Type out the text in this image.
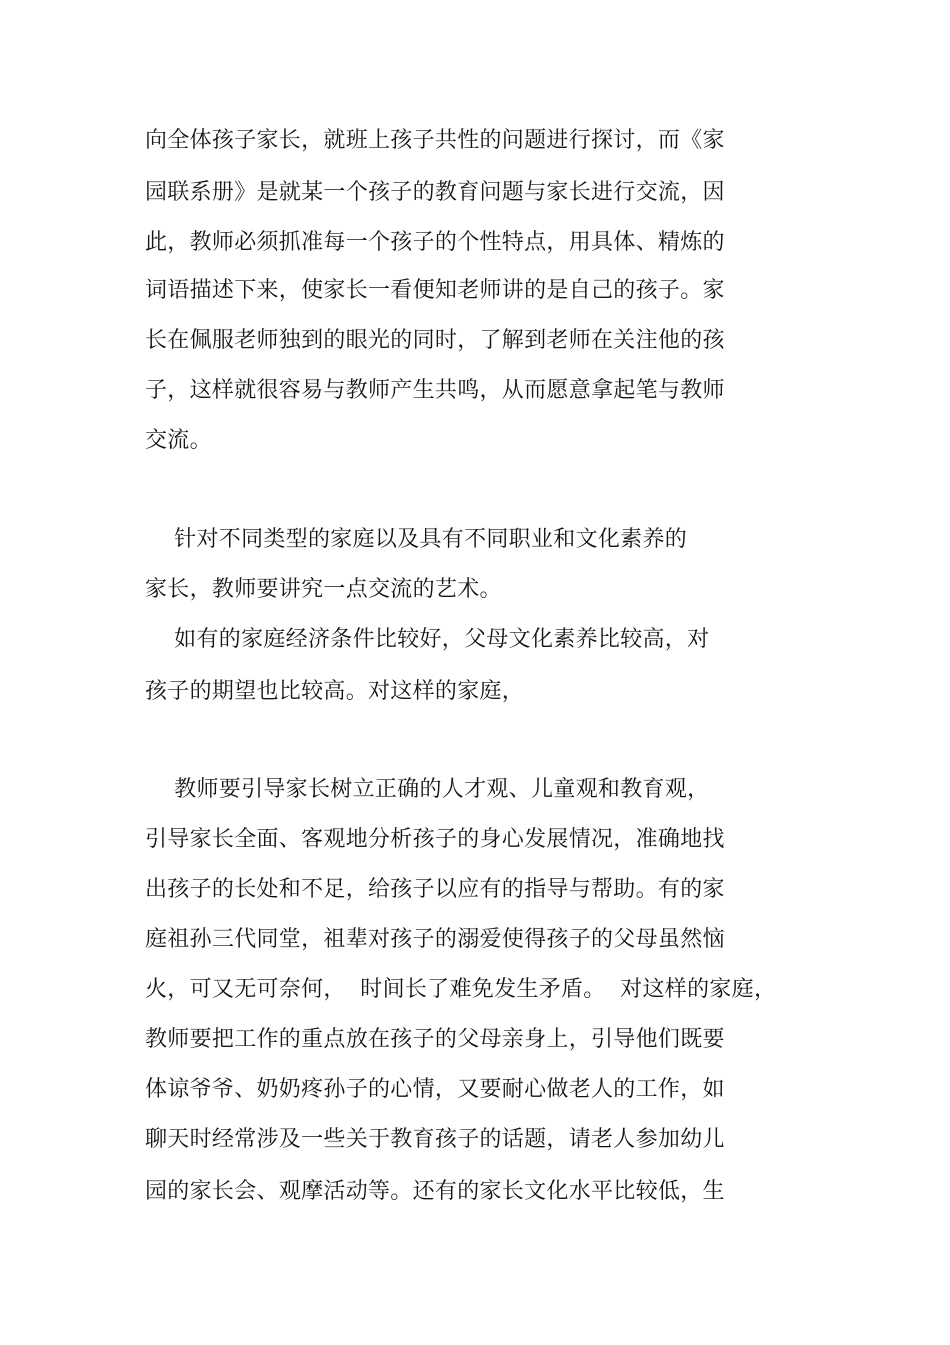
向全体孩子家长，就班上孩子共性的问题进行探讨，而《家

园联系册》是就某一个孩子的教育问题与家长进行交流，因

此，教师必须抓准每一个孩子的个性特点，用具体、精炼的

词语描述下来，使家长一看便知老师讲的是自己的孩子。家

长在佩服老师独到的眼光的同时，了解到老师在关注他的孩

子，这样就很容易与教师产生共鸣，从而愿意拿起笔与教师

交流。

针对不同类型的家庭以及具有不同职业和文化素养的

家长，教师要讲究一点交流的艺术。

如有的家庭经济条件比较好，父母文化素养比较高，对

孩子的期望也比较高。对这样的家庭，

教师要引导家长树立正确的人才观、儿童观和教育观，

引导家长全面、客观地分析孩子的身心发展情况，准确地找

出孩子的长处和不足，给孩子以应有的指导与帮助。有的家

庭祖孙三代同堂，祖辈对孩子的溺爱使得孩子的父母虽然恼

火，可又无可奈何，  时间长了难免发生矛盾。  对这样的家庭，

教师要把工作的重点放在孩子的父母亲身上，引导他们既要

体谅爷爷、奶奶疼孙子的心情，又要耐心做老人的工作，如

聊天时经常涉及一些关于教育孩子的话题，请老人参加幼儿

园的家长会、观摩活动等。还有的家长文化水平比较低，生
